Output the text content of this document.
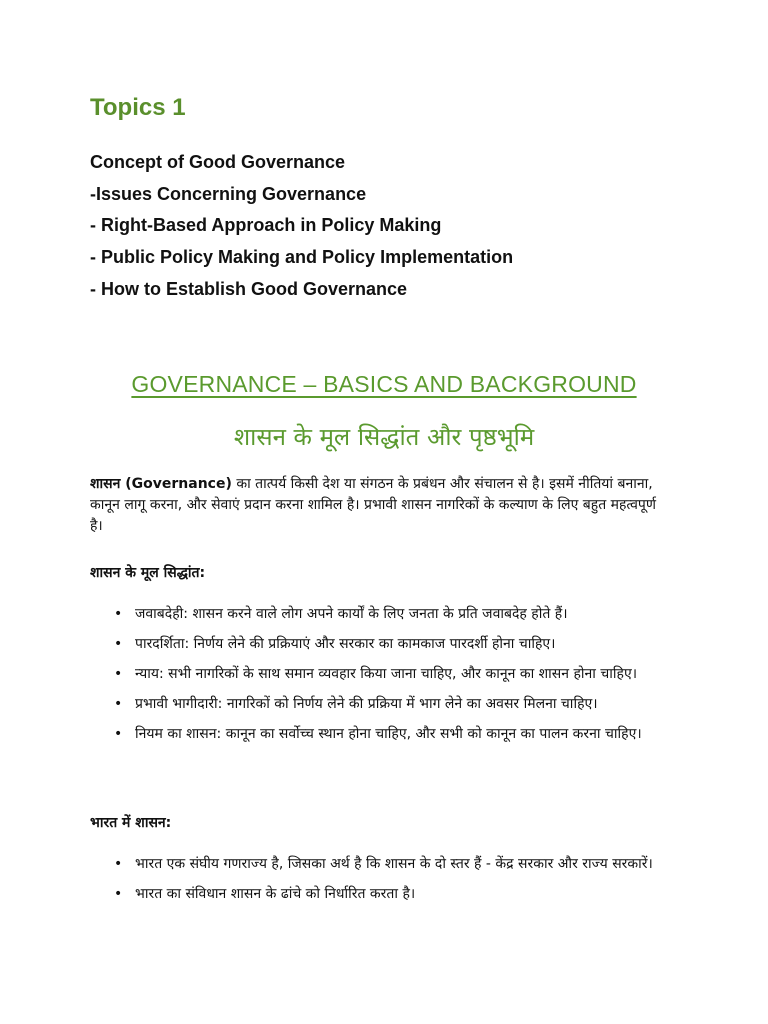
Topics 1
Concept of Good Governance
-Issues Concerning Governance
- Right-Based Approach in Policy Making
- Public Policy Making and Policy Implementation
- How to Establish Good Governance
GOVERNANCE – BASICS AND BACKGROUND
शासन के मूल सिद्धांत और पृष्ठभूमि

शासन (Governance) का तात्पर्य किसी देश या संगठन के प्रबंधन और संचालन से है। इसमें नीतियां बनाना, कानून लागू करना, और सेवाएं प्रदान करना शामिल है। प्रभावी शासन नागरिकों के कल्याण के लिए बहुत महत्वपूर्ण है।

शासन के मूल सिद्धांत:

• जवाबदेही: शासन करने वाले लोग अपने कार्यों के लिए जनता के प्रति जवाबदेह होते हैं।
• पारदर्शिता: निर्णय लेने की प्रक्रियाएं और सरकार का कामकाज पारदर्शी होना चाहिए।
• न्याय: सभी नागरिकों के साथ समान व्यवहार किया जाना चाहिए, और कानून का शासन होना चाहिए।
• प्रभावी भागीदारी: नागरिकों को निर्णय लेने की प्रक्रिया में भाग लेने का अवसर मिलना चाहिए।
• नियम का शासन: कानून का सर्वोच्च स्थान होना चाहिए, और सभी को कानून का पालन करना चाहिए।

भारत में शासन:

• भारत एक संघीय गणराज्य है, जिसका अर्थ है कि शासन के दो स्तर हैं - केंद्र सरकार और राज्य सरकारें।
• भारत का संविधान शासन के ढांचे को निर्धारित करता है।
